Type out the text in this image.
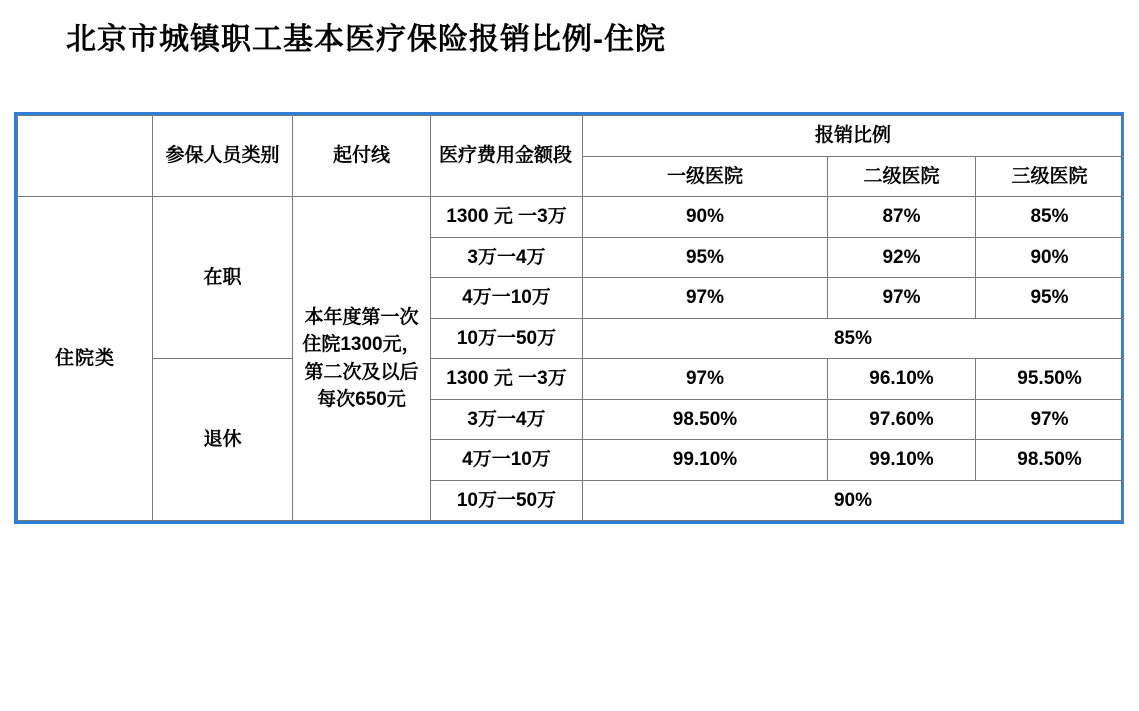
北京市城镇职工基本医疗保险报销比例-住院
	参保人员类别	起付线	医疗费用金额段	报销比例		
				一级医院	二级医院	三级医院
住院类	在职	本年度第一次住院1300元，第二次及以后每次650元	1300 元 一3万	90%	87%	85%
			3万一4万	95%	92%	90%
			4万一10万	97%	97%	95%
			10万一50万	85%		
	退休		1300 元 一3万	97%	96.10%	95.50%
			3万一4万	98.50%	97.60%	97%
			4万一10万	99.10%	99.10%	98.50%
			10万一50万	90%		
